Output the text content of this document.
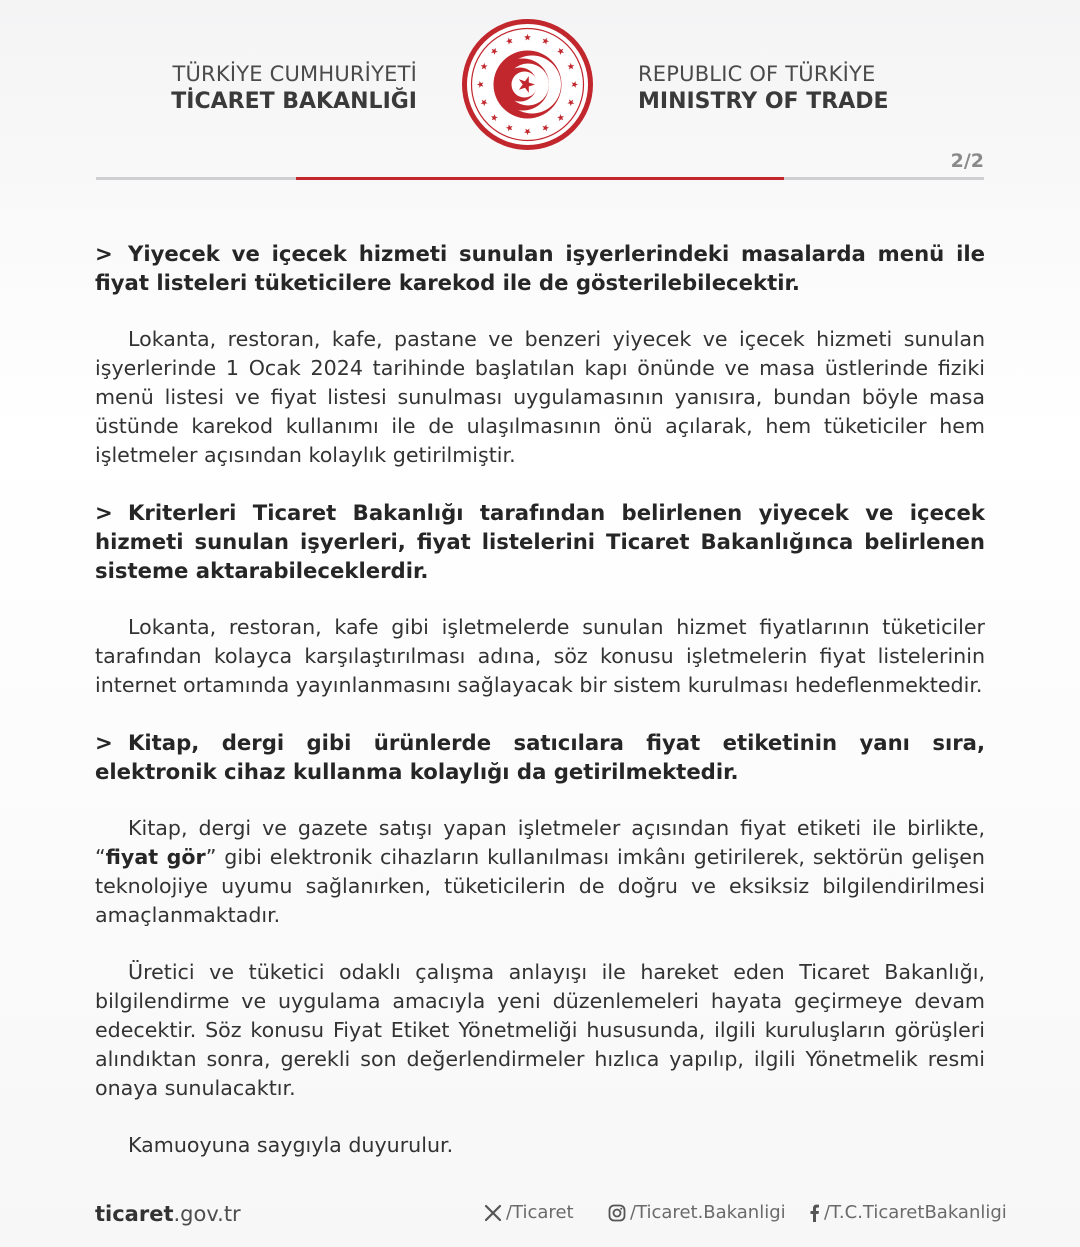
TÜRKİYE CUMHURİYETİ
TİCARET BAKANLIĞI
REPUBLIC OF TÜRKİYE
MINISTRY OF TRADE
2/2
> Yiyecek ve içecek hizmeti sunulan işyerlerindeki masalarda menü ile fiyat listeleri tüketicilere karekod ile de gösterilebilecektir.

Lokanta, restoran, kafe, pastane ve benzeri yiyecek ve içecek hizmeti sunulan işyerlerinde 1 Ocak 2024 tarihinde başlatılan kapı önünde ve masa üstlerinde fiziki menü listesi ve fiyat listesi sunulması uygulamasının yanısıra, bundan böyle masa üstünde karekod kullanımı ile de ulaşılmasının önü açılarak, hem tüketiciler hem işletmeler açısından kolaylık getirilmiştir.

> Kriterleri Ticaret Bakanlığı tarafından belirlenen yiyecek ve içecek hizmeti sunulan işyerleri, fiyat listelerini Ticaret Bakanlığınca belirlenen sisteme aktarabileceklerdir.

Lokanta, restoran, kafe gibi işletmelerde sunulan hizmet fiyatlarının tüketiciler tarafından kolayca karşılaştırılması adına, söz konusu işletmelerin fiyat listelerinin internet ortamında yayınlanmasını sağlayacak bir sistem kurulması hedeflenmektedir.

> Kitap, dergi gibi ürünlerde satıcılara fiyat etiketinin yanı sıra, elektronik cihaz kullanma kolaylığı da getirilmektedir.

Kitap, dergi ve gazete satışı yapan işletmeler açısından fiyat etiketi ile birlikte, “fiyat gör” gibi elektronik cihazların kullanılması imkânı getirilerek, sektörün gelişen teknolojiye uyumu sağlanırken, tüketicilerin de doğru ve eksiksiz bilgilendirilmesi amaçlanmaktadır.

Üretici ve tüketici odaklı çalışma anlayışı ile hareket eden Ticaret Bakanlığı, bilgilendirme ve uygulama amacıyla yeni düzenlemeleri hayata geçirmeye devam edecektir. Söz konusu Fiyat Etiket Yönetmeliği hususunda, ilgili kuruluşların görüşleri alındıktan sonra, gerekli son değerlendirmeler hızlıca yapılıp, ilgili Yönetmelik resmi onaya sunulacaktır.

Kamuoyuna saygıyla duyurulur.

ticaret.gov.tr	/Ticaret	/Ticaret.Bakanligi /T.C.TicaretBakanligi
